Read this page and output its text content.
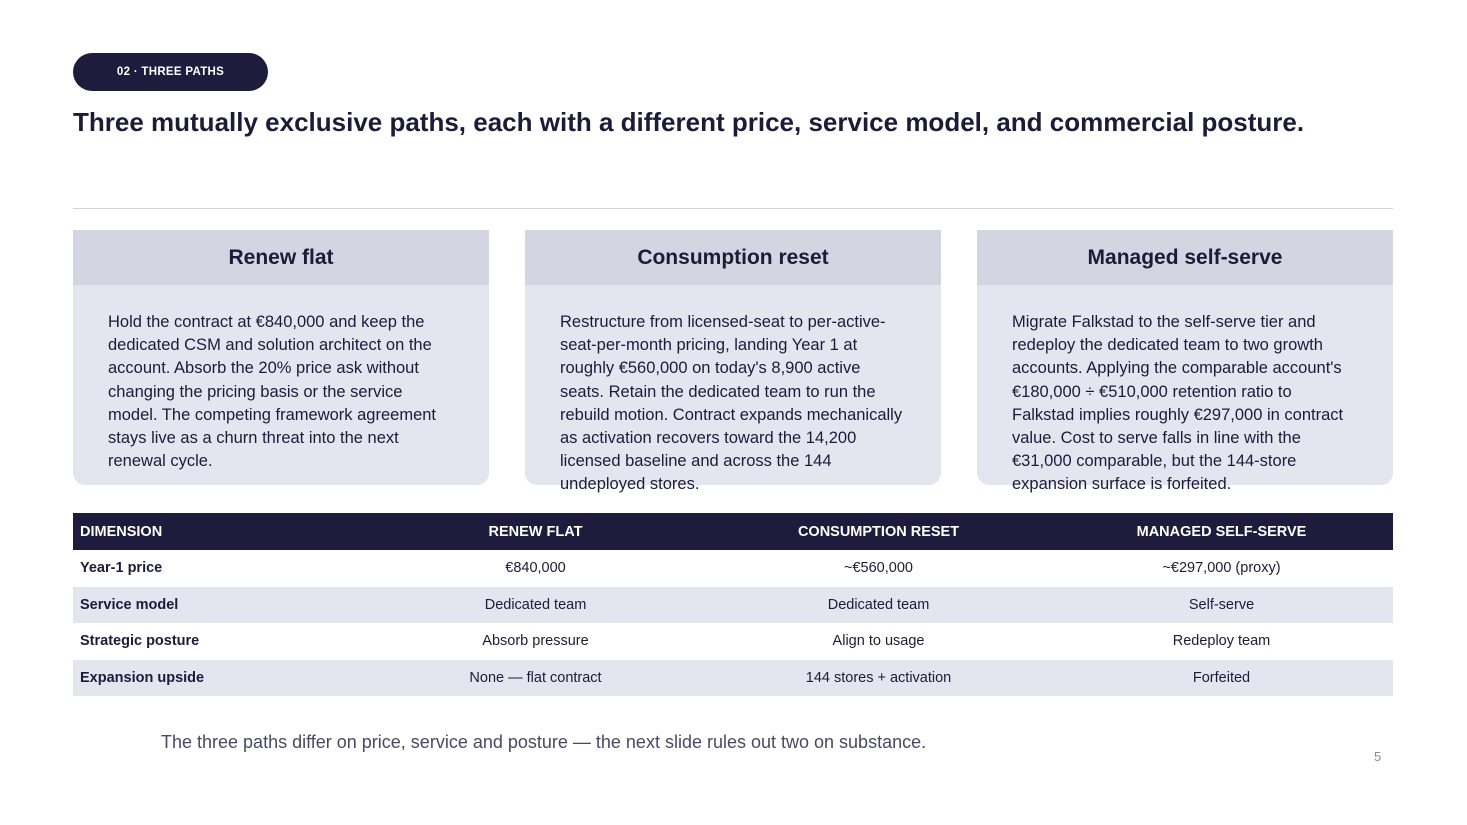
02 · THREE PATHS
Three mutually exclusive paths, each with a different price, service model, and commercial posture.
Renew flat
Hold the contract at €840,000 and keep the dedicated CSM and solution architect on the account. Absorb the 20% price ask without changing the pricing basis or the service model. The competing framework agreement stays live as a churn threat into the next renewal cycle.
Consumption reset
Restructure from licensed-seat to per-active-seat-per-month pricing, landing Year 1 at roughly €560,000 on today's 8,900 active seats. Retain the dedicated team to run the rebuild motion. Contract expands mechanically as activation recovers toward the 14,200 licensed baseline and across the 144 undeployed stores.
Managed self-serve
Migrate Falkstad to the self-serve tier and redeploy the dedicated team to two growth accounts. Applying the comparable account's €180,000 ÷ €510,000 retention ratio to Falkstad implies roughly €297,000 in contract value. Cost to serve falls in line with the €31,000 comparable, but the 144-store expansion surface is forfeited.
DIMENSION	RENEW FLAT	CONSUMPTION RESET	MANAGED SELF-SERVE
Year-1 price	€840,000	~€560,000	~€297,000 (proxy)
Service model	Dedicated team	Dedicated team	Self-serve
Strategic posture	Absorb pressure	Align to usage	Redeploy team
Expansion upside	None — flat contract	144 stores + activation	Forfeited
The three paths differ on price, service and posture — the next slide rules out two on substance.
5
